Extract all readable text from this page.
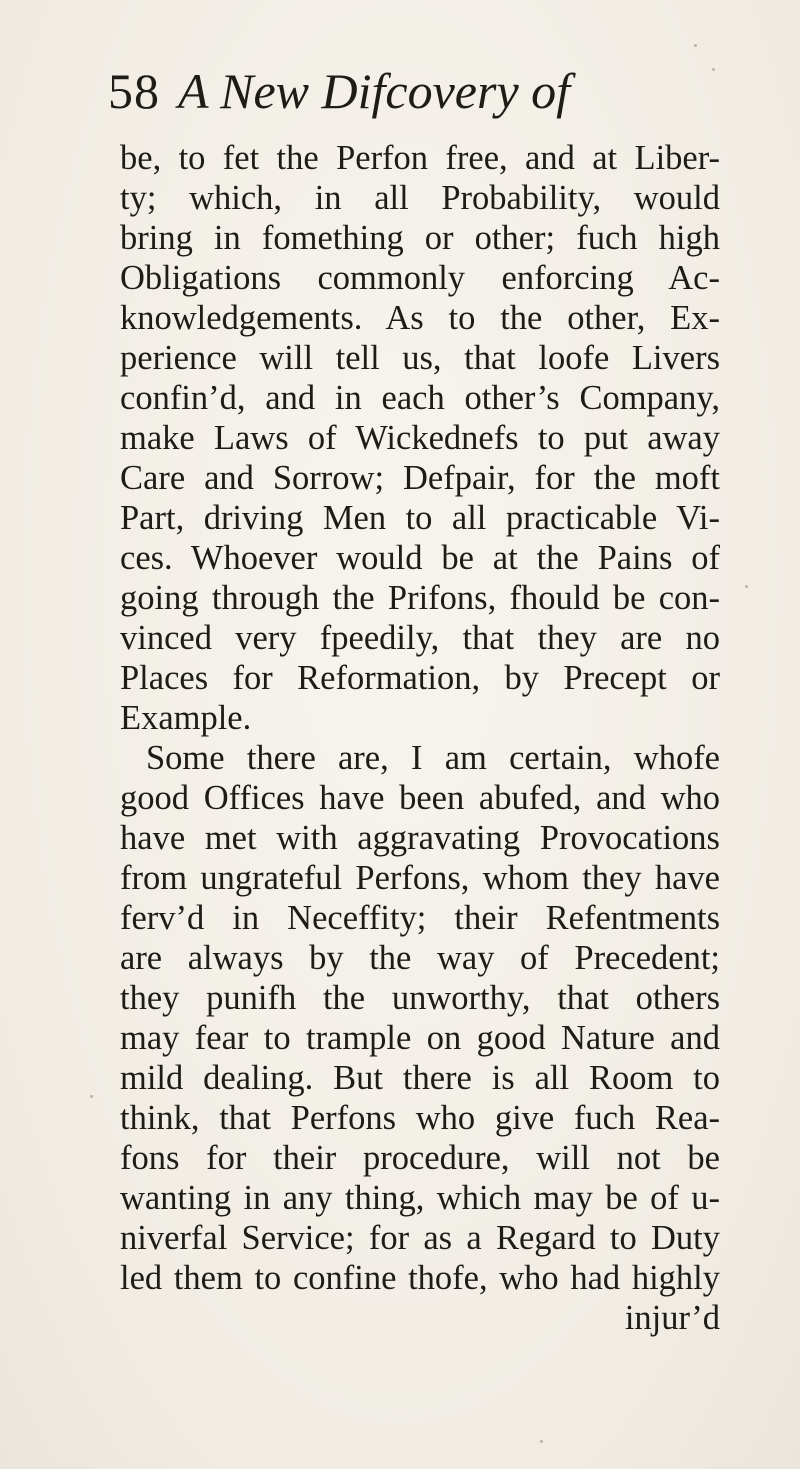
58 A New Difcovery of
be, to fet the Perfon free, and at Liber-
ty; which, in all Probability, would
bring in fomething or other; fuch high
Obligations commonly enforcing Ac-
knowledgements. As to the other, Ex-
perience will tell us, that loofe Livers
confin’d, and in each other’s Company,
make Laws of Wickednefs to put away
Care and Sorrow; Defpair, for the moft
Part, driving Men to all practicable Vi-
ces. Whoever would be at the Pains of
going through the Prifons, fhould be con-
vinced very fpeedily, that they are no
Places for Reformation, by Precept or
Example.
Some there are, I am certain, whofe
good Offices have been abufed, and who
have met with aggravating Provocations
from ungrateful Perfons, whom they have
ferv’d in Neceffity; their Refentments
are always by the way of Precedent;
they punifh the unworthy, that others
may fear to trample on good Nature and
mild dealing. But there is all Room to
think, that Perfons who give fuch Rea-
fons for their procedure, will not be
wanting in any thing, which may be of u-
niverfal Service; for as a Regard to Duty
led them to confine thofe, who had highly
injur’d
